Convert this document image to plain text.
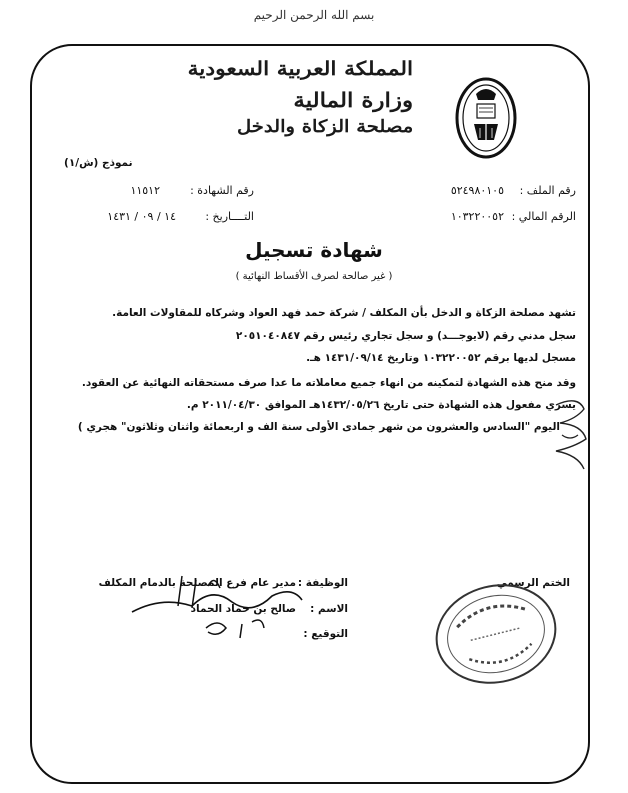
بسم الله الرحمن الرحيم
المملكة العربية السعودية
وزارة المالية
مصلحة الزكاة والدخل
نموذج (ش/١)
رقم الملف :
٥٢٤٩٨٠١٠٥
رقم الشهادة :
١١٥١٢
الرقم المالي :
١٠٣٢٢٠٠٥٢
التــــاريخ :
١٤ / ٠٩ / ١٤٣١
شهادة تسجيل
( غير صالحة لصرف الأقساط النهائية )
تشهد مصلحة الزكاة و الدخل بأن المكلف / شركة حمد فهد العواد وشركاه للمقاولات العامة.
سجل مدني رقم (لايوجـــد) و سجل تجاري رئيس رقم ٢٠٥١٠٤٠٨٤٧
مسجل لديها برقم ١٠٣٢٢٠٠٥٢ وتاريخ ١٤٣١/٠٩/١٤ هـ.
وقد منح هذه الشهادة لتمكينه من انهاء جميع معاملاته ما عدا صرف مستحقاته النهائية عن العقود.
يسري مفعول هذه الشهادة حتى تاريخ ١٤٣٢/٠٥/٢٦هـ الموافق ٢٠١١/٠٤/٣٠ م.
اليوم "السادس والعشرون من شهر جمادى الأولى سنة الف و اربعمائة واثنان وثلاثون" هجري )
الختم الرسمي
الوظيفة :
مدير عام فرع المصلحة بالدمام المكلف
الاسم :
صالح بن حماد الحماد
التوقيع :
